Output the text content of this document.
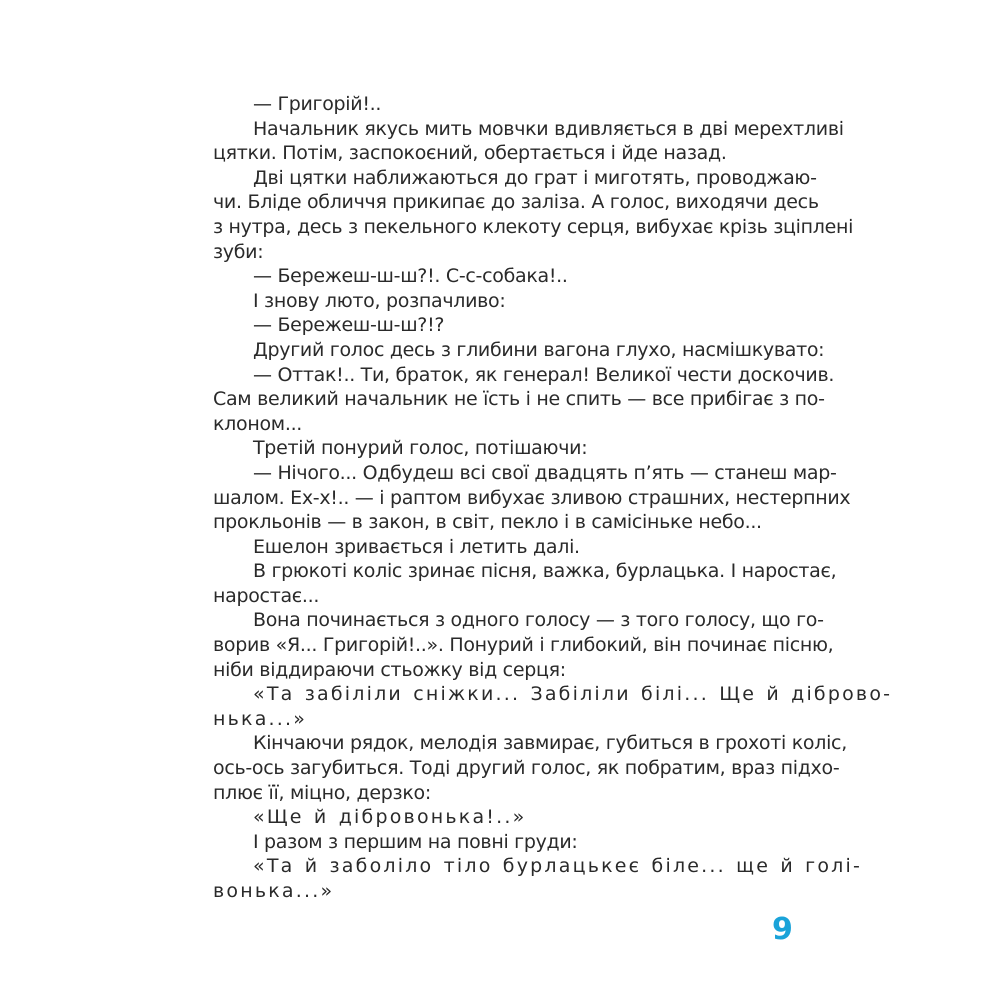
— Григорій!..
Начальник якусь мить мовчки вдивляється в дві мерехтливі
цятки. Потім, заспокоєний, обертається і йде назад.
Дві цятки наближаються до грат і миготять, проводжаю-
чи. Бліде обличчя прикипає до заліза. А голос, виходячи десь
з нутра, десь з пекельного клекоту серця, вибухає крізь зціплені
зуби:
— Бережеш-ш-ш?!. С-с-собака!..
І знову люто, розпачливо:
— Бережеш-ш-ш?!?
Другий голос десь з глибини вагона глухо, насмішкувато:
— Оттак!.. Ти, браток, як генерал! Великої чести доскочив.
Сам великий начальник не їсть і не спить — все прибігає з по-
клоном...
Третій понурий голос, потішаючи:
— Нічого... Одбудеш всі свої двадцять п’ять — станеш мар-
шалом. Ех-х!.. — і раптом вибухає зливою страшних, нестерпних
прокльонів — в закон, в світ, пекло і в самісіньке небо...
Ешелон зривається і летить далі.
В грюкоті коліс зринає пісня, важка, бурлацька. І наростає,
наростає...
Вона починається з одного голосу — з того голосу, що го-
ворив «Я... Григорій!..». Понурий і глибокий, він починає пісню,
ніби віддираючи стьожку від серця:
«Та забіліли сніжки... Забіліли білі... Ще й діброво-
нька...»
Кінчаючи рядок, мелодія завмирає, губиться в грохоті коліс,
ось-ось загубиться. Тоді другий голос, як побратим, враз підхо-
плює її, міцно, дерзко:
«Ще й дібровонька!..»
І разом з першим на повні груди:
«Та й заболіло тіло бурлацькеє біле... ще й голі-
вонька...»
9
